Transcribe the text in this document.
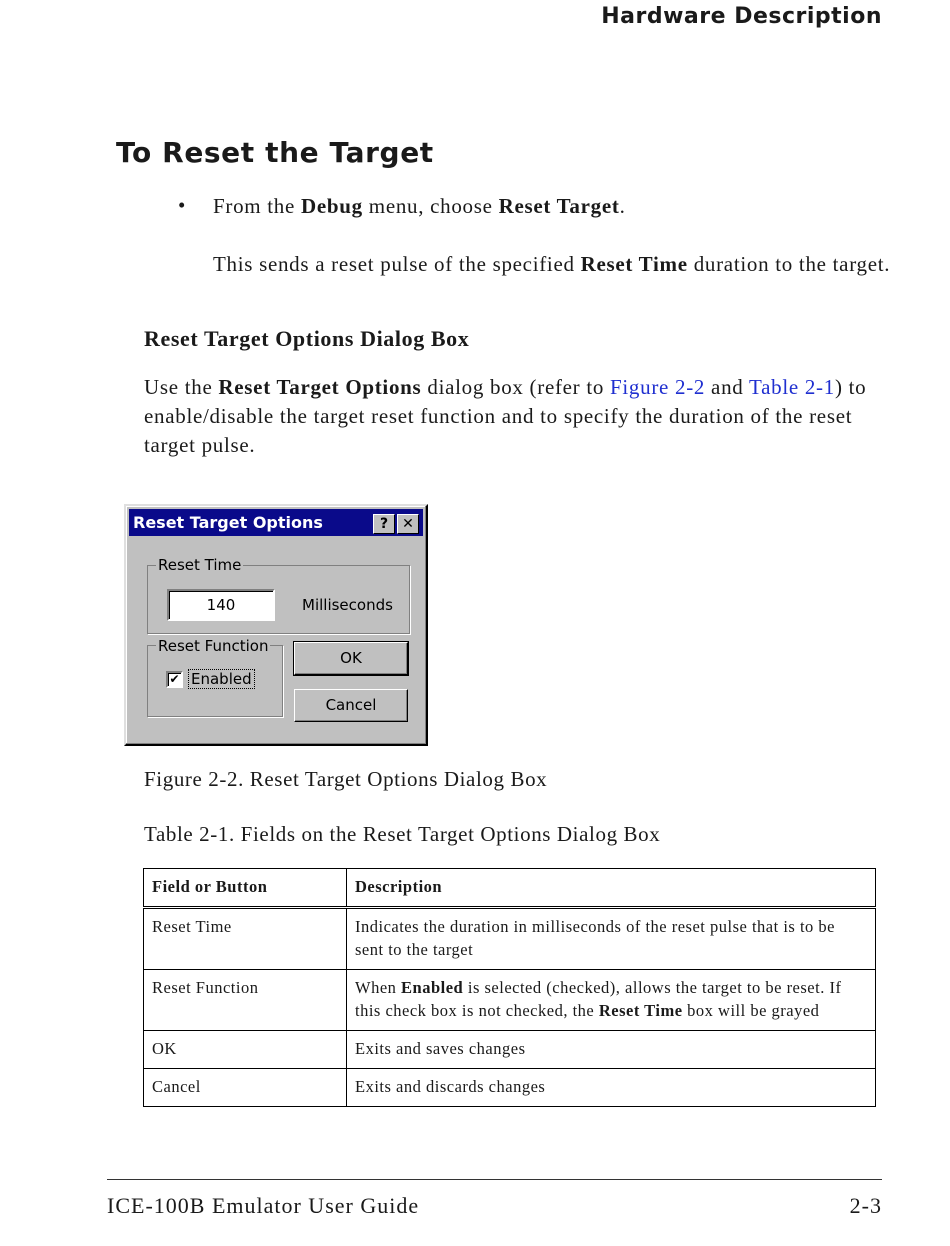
Hardware Description
To Reset the Target
• From the Debug menu, choose Reset Target.
This sends a reset pulse of the specified Reset Time duration to the target.
Reset Target Options Dialog Box
Use the Reset Target Options dialog box (refer to Figure 2-2 and Table 2-1) to enable/disable the target reset function and to specify the duration of the reset target pulse.
Reset Target Options	?	✕
Reset Time
140	Milliseconds
Reset Function
✔ Enabled
OK
Cancel
Figure 2-2. Reset Target Options Dialog Box
Table 2-1. Fields on the Reset Target Options Dialog Box
Field or Button	Description
Reset Time	Indicates the duration in milliseconds of the reset pulse that is to be sent to the target
Reset Function	When Enabled is selected (checked), allows the target to be reset. If this check box is not checked, the Reset Time box will be grayed
OK	Exits and saves changes
Cancel	Exits and discards changes
ICE-100B Emulator User Guide	2-3
